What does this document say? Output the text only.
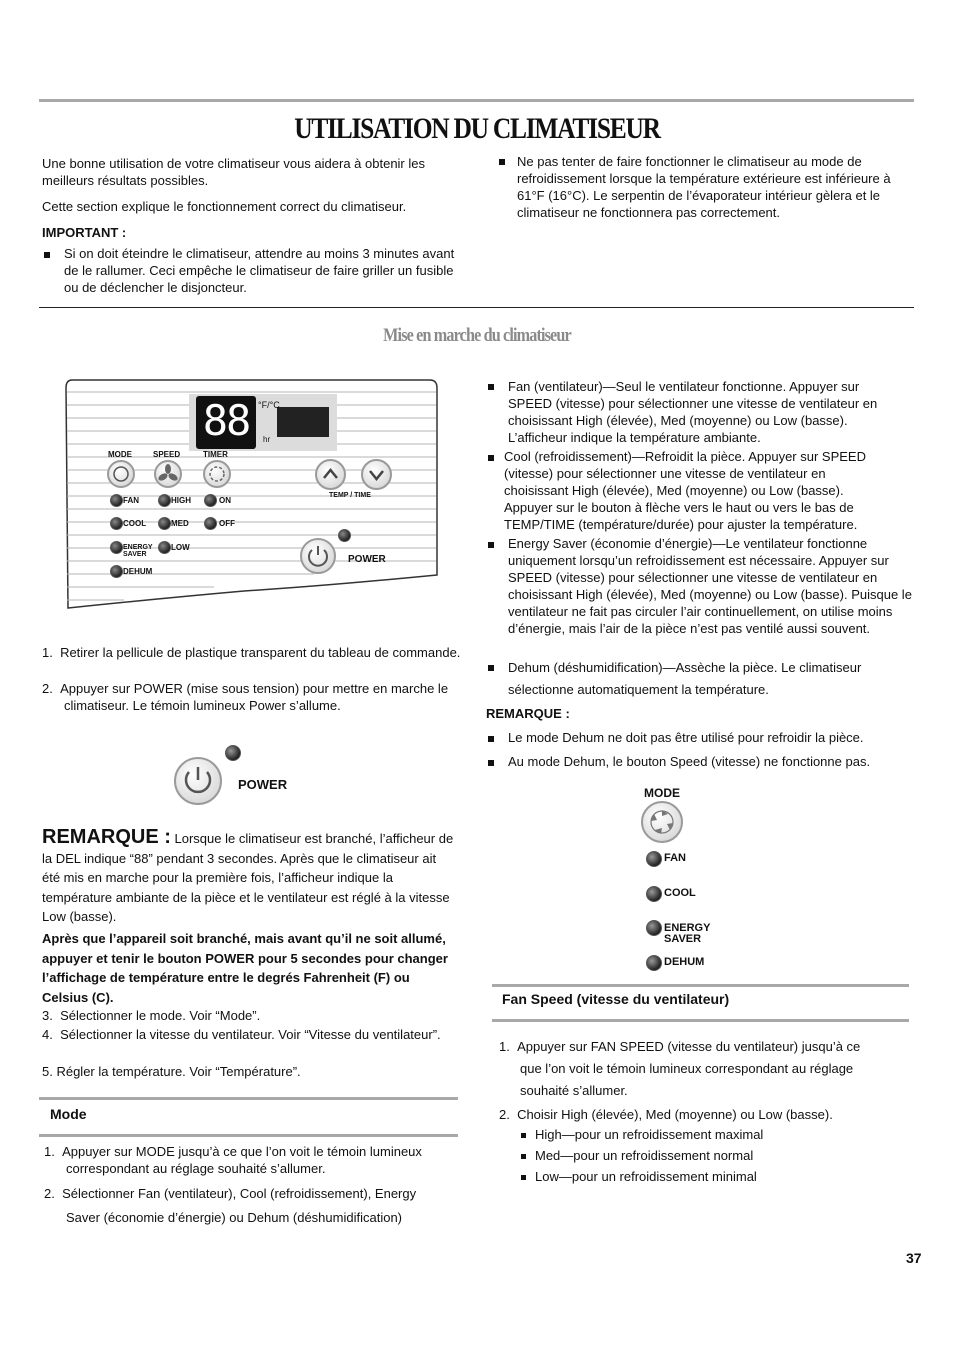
UTILISATION DU CLIMATISEUR

Une bonne utilisation de votre climatiseur vous aidera à obtenir les meilleurs résultats possibles.

Cette section explique le fonctionnement correct du climatiseur.

IMPORTANT :

Si on doit éteindre le climatiseur, attendre au moins 3 minutes avant de le rallumer. Ceci empêche le climatiseur de faire griller un fusible ou de déclencher le disjoncteur.

Ne pas tenter de faire fonctionner le climatiseur au mode de refroidissement lorsque la température extérieure est inférieure à 61°F (16°C). Le serpentin de l’évaporateur intérieur gèlera et le climatiseur ne fonctionnera pas correctement.

Mise en marche du climatiseur
88 °F/°C
hr
MODE	SPEED	TIMER
TEMP / TIME
FAN
COOL
ENERGY
SAVER
DEHUM
HIGH
MED
LOW
ON
OFF
POWER

1.  Retirer la pellicule de plastique transparent du tableau de commande.

2.  Appuyer sur POWER (mise sous tension) pour mettre en marche le climatiseur. Le témoin lumineux Power s’allume.

POWER

REMARQUE : Lorsque le climatiseur est branché, l’afficheur de la DEL indique “88” pendant 3 secondes. Après que le climatiseur ait été mis en marche pour la première fois, l’afficheur indique la température ambiante de la pièce et le ventilateur est réglé à la vitesse Low (basse).

Après que l’appareil soit branché, mais avant qu’il ne soit allumé, appuyer et tenir le bouton POWER pour 5 secondes pour changer l’affichage de température entre le degrés Fahrenheit (F) ou Celsius (C).

3.  Sélectionner le mode. Voir “Mode”.

4.  Sélectionner la vitesse du ventilateur. Voir “Vitesse du ventilateur”.

5. Régler la température. Voir “Température”.

Mode

1.  Appuyer sur MODE jusqu’à ce que l’on voit le témoin lumineux correspondant au réglage souhaité s’allumer.

2.  Sélectionner Fan (ventilateur), Cool (refroidissement), Energy

Saver (économie d’énergie) ou Dehum (déshumidification)

Fan (ventilateur)—Seul le ventilateur fonctionne. Appuyer sur SPEED (vitesse) pour sélectionner une vitesse de ventilateur en choisissant High (élevée), Med (moyenne) ou Low (basse). L’afficheur indique la température ambiante.

Cool (refroidissement)—Refroidit la pièce. Appuyer sur SPEED (vitesse) pour sélectionner une vitesse de ventilateur en choisissant High (élevée), Med (moyenne) ou Low (basse). Appuyer sur le bouton à flèche vers le haut ou vers le bas de TEMP/TIME (température/durée) pour ajuster la température.

Energy Saver (économie d’énergie)—Le ventilateur fonctionne uniquement lorsqu’un refroidissement est nécessaire. Appuyer sur SPEED (vitesse) pour sélectionner une vitesse de ventilateur en choisissant High (élevée), Med (moyenne) ou Low (basse). Puisque le ventilateur ne fait pas circuler l’air continuellement, on utilise moins d’énergie, mais l’air de la pièce n’est pas ventilé aussi souvent.

Dehum (déshumidification)—Assèche la pièce. Le climatiseur

sélectionne automatiquement la température.

REMARQUE :

Le mode Dehum ne doit pas être utilisé pour refroidir la pièce.

Au mode Dehum, le bouton Speed (vitesse) ne fonctionne pas.

MODE

FAN

COOL

ENERGY

SAVER

DEHUM

Fan Speed (vitesse du ventilateur)

1.  Appuyer sur FAN SPEED (vitesse du ventilateur) jusqu’à ce

que l’on voit le témoin lumineux correspondant au réglage

souhaité s’allumer.

2.  Choisir High (élevée), Med (moyenne) ou Low (basse).

High—pour un refroidissement maximal

Med—pour un refroidissement normal

Low—pour un refroidissement minimal

37
